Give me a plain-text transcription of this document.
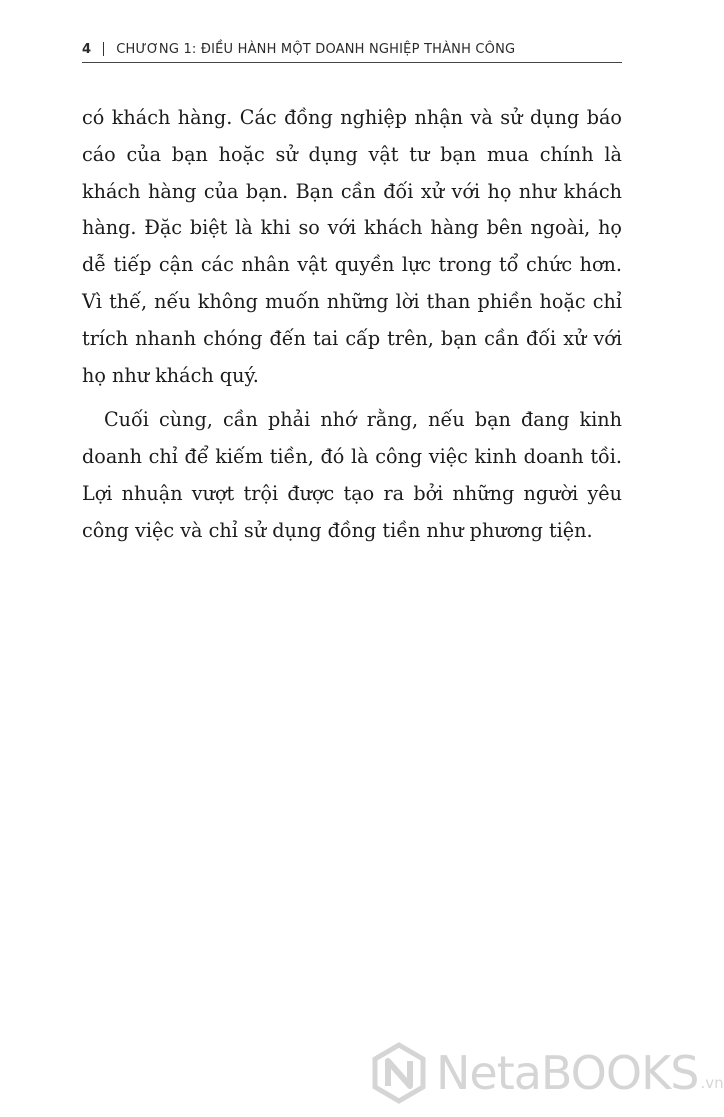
4 CHƯƠNG 1: ĐIỀU HÀNH MỘT DOANH NGHIỆP THÀNH CÔNG

có khách hàng. Các đồng nghiệp nhận và sử dụng báo cáo của bạn hoặc sử dụng vật tư bạn mua chính là khách hàng của bạn. Bạn cần đối xử với họ như khách hàng. Đặc biệt là khi so với khách hàng bên ngoài, họ dễ tiếp cận các nhân vật quyền lực trong tổ chức hơn. Vì thế, nếu không muốn những lời than phiền hoặc chỉ trích nhanh chóng đến tai cấp trên, bạn cần đối xử với họ như khách quý.

Cuối cùng, cần phải nhớ rằng, nếu bạn đang kinh doanh chỉ để kiếm tiền, đó là công việc kinh doanh tồi. Lợi nhuận vượt trội được tạo ra bởi những người yêu công việc và chỉ sử dụng đồng tiền như phương tiện.

NetaBOOKS .vn
